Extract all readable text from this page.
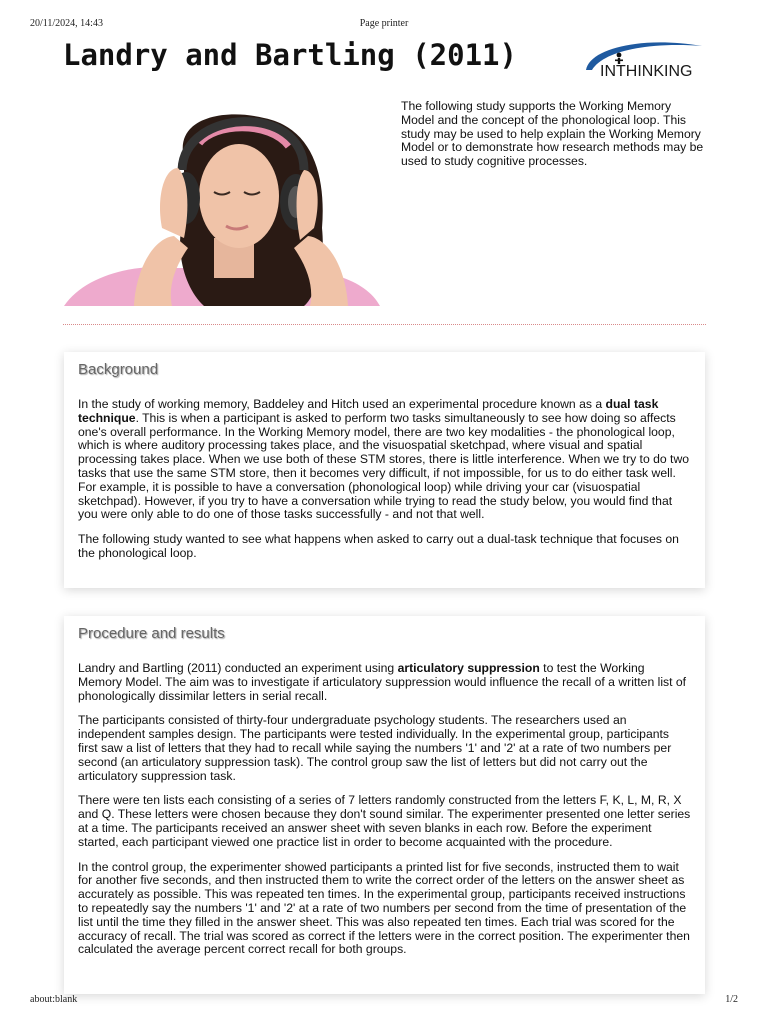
20/11/2024, 14:43	Page printer
Landry and Bartling (2011)	INTHINKING

The following study supports the Working Memory Model and the concept of the phonological loop. This study may be used to help explain the Working Memory Model or to demonstrate how research methods may be used to study cognitive processes.

Background

In the study of working memory, Baddeley and Hitch used an experimental procedure known as a dual task technique. This is when a participant is asked to perform two tasks simultaneously to see how doing so affects one's overall performance. In the Working Memory model, there are two key modalities - the phonological loop, which is where auditory processing takes place, and the visuospatial sketchpad, where visual and spatial processing takes place. When we use both of these STM stores, there is little interference. When we try to do two tasks that use the same STM store, then it becomes very difficult, if not impossible, for us to do either task well. For example, it is possible to have a conversation (phonological loop) while driving your car (visuospatial sketchpad). However, if you try to have a conversation while trying to read the study below, you would find that you were only able to do one of those tasks successfully - and not that well.

The following study wanted to see what happens when asked to carry out a dual-task technique that focuses on the phonological loop.

Procedure and results

Landry and Bartling (2011) conducted an experiment using articulatory suppression to test the Working Memory Model. The aim was to investigate if articulatory suppression would influence the recall of a written list of phonologically dissimilar letters in serial recall.

The participants consisted of thirty-four undergraduate psychology students. The researchers used an independent samples design. The participants were tested individually. In the experimental group, participants first saw a list of letters that they had to recall while saying the numbers '1' and '2' at a rate of two numbers per second (an articulatory suppression task). The control group saw the list of letters but did not carry out the articulatory suppression task.

There were ten lists each consisting of a series of 7 letters randomly constructed from the letters F, K, L, M, R, X and Q. These letters were chosen because they don't sound similar. The experimenter presented one letter series at a time. The participants received an answer sheet with seven blanks in each row. Before the experiment started, each participant viewed one practice list in order to become acquainted with the procedure.

In the control group, the experimenter showed participants a printed list for five seconds, instructed them to wait for another five seconds, and then instructed them to write the correct order of the letters on the answer sheet as accurately as possible. This was repeated ten times. In the experimental group, participants received instructions to repeatedly say the numbers '1' and '2' at a rate of two numbers per second from the time of presentation of the list until the time they filled in the answer sheet. This was also repeated ten times. Each trial was scored for the accuracy of recall. The trial was scored as correct if the letters were in the correct position. The experimenter then calculated the average percent correct recall for both groups.

about:blank	1/2
